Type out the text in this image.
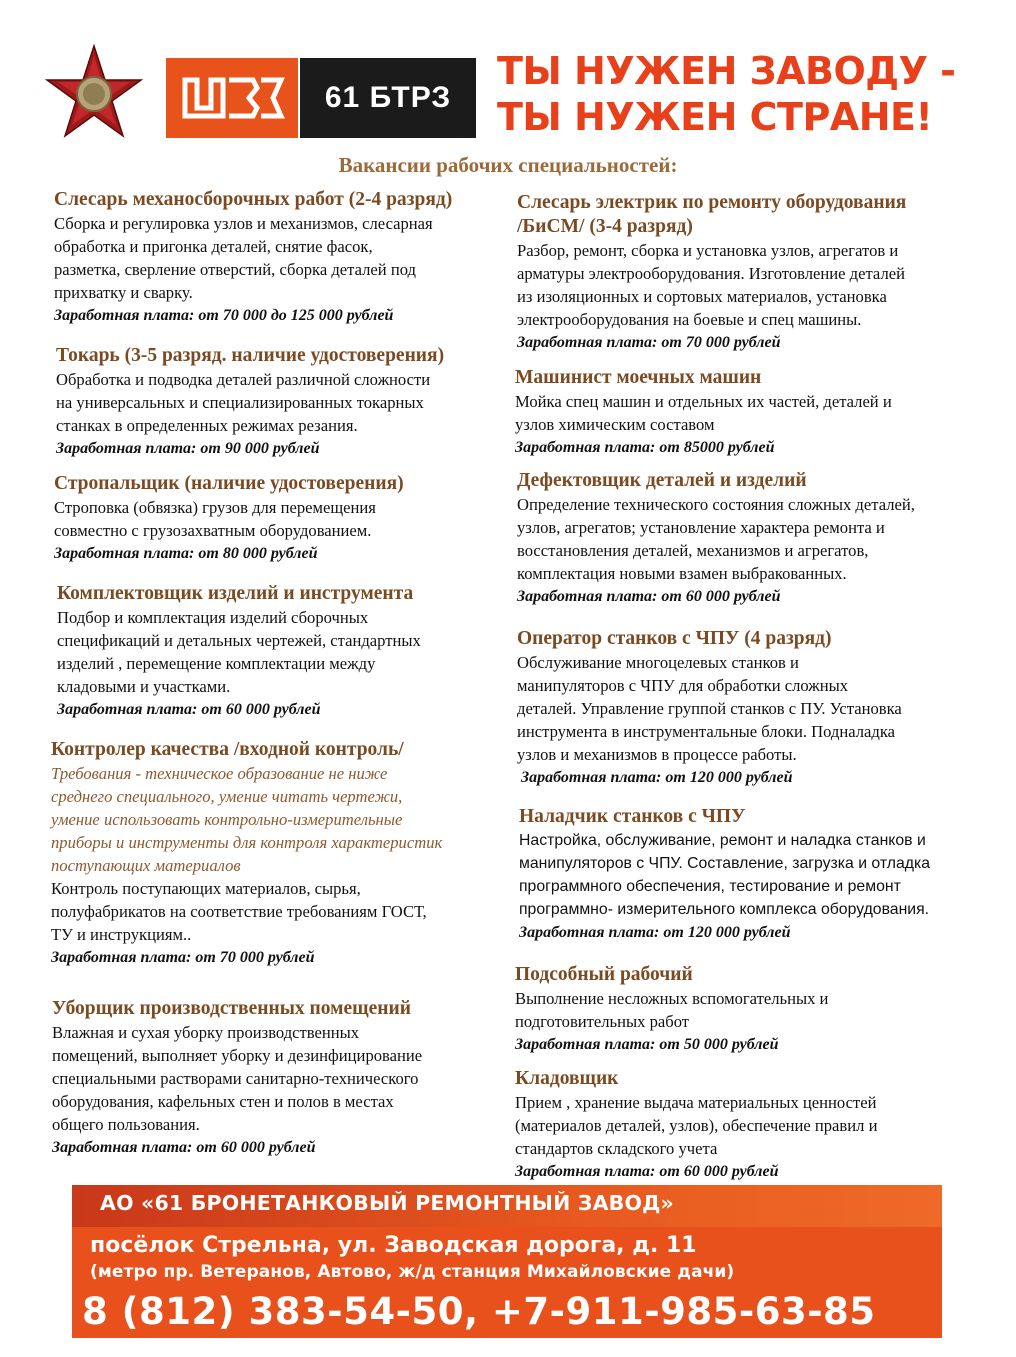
61 БТРЗ
ТЫ НУЖЕН ЗАВОДУ -
ТЫ НУЖЕН СТРАНЕ!
Вакансии рабочих специальностей:
Слесарь механосборочных работ (2-4 разряд)

Сборка и регулировка узлов и механизмов, слесарная

обработка и пригонка деталей, снятие фасок,

разметка, сверление отверстий, сборка деталей под

прихватку и сварку.

Заработная плата: от 70 000 до 125 000 рублей

Токарь (3-5 разряд. наличие удостоверения)

Обработка и подводка деталей различной сложности

на универсальных и специализированных токарных

станках в определенных режимах резания.

Заработная плата: от 90 000 рублей

Стропальщик (наличие удостоверения)

Строповка (обвязка) грузов для перемещения

совместно с грузозахватным оборудованием.

Заработная плата: от 80 000 рублей

Комплектовщик изделий и инструмента

Подбор и комплектация изделий сборочных

спецификаций и детальных чертежей, стандартных

изделий , перемещение комплектации между

кладовыми и участками.

Заработная плата: от 60 000 рублей

Контролер качества /входной контроль/

Требования - техническое образование не ниже

среднего специального, умение читать чертежи,

умение использовать контрольно-измерительные

приборы и инструменты для контроля характеристик

поступающих материалов

Контроль поступающих материалов, сырья,

полуфабрикатов на соответствие требованиям ГОСТ,

ТУ и инструкциям..

Заработная плата: от 70 000 рублей

Уборщик производственных помещений

Влажная и сухая уборку производственных

помещений, выполняет уборку и дезинфицирование

специальными растворами санитарно-технического

оборудования, кафельных стен и полов в местах

общего пользования.

Заработная плата: от 60 000 рублей

Слесарь электрик по ремонту оборудования
/БиСМ/ (3-4 разряд)

Разбор, ремонт, сборка и установка узлов, агрегатов и

арматуры электрооборудования. Изготовление деталей

из изоляционных и сортовых материалов, установка

электрооборудования на боевые и спец машины.

Заработная плата: от 70 000 рублей

Машинист моечных машин

Мойка спец машин и отдельных их частей, деталей и

узлов химическим составом

Заработная плата: от 85000 рублей

Дефектовщик деталей и изделий

Определение технического состояния сложных деталей,

узлов, агрегатов; установление характера ремонта и

восстановления деталей, механизмов и агрегатов,

комплектация новыми взамен выбракованных.

Заработная плата: от 60 000 рублей

Оператор станков с ЧПУ (4 разряд)

Обслуживание многоцелевых станков и

манипуляторов с ЧПУ для обработки сложных

деталей. Управление группой станков с ПУ. Установка

инструмента в инструментальные блоки. Подналадка

узлов и механизмов в процессе работы.

Заработная плата: от 120 000 рублей

Наладчик станков с ЧПУ

Настройка, обслуживание, ремонт и наладка станков и

манипуляторов с ЧПУ. Составление, загрузка и отладка

программного обеспечения, тестирование и ремонт

программно- измерительного комплекса оборудования.

Заработная плата: от 120 000 рублей

Подсобный рабочий

Выполнение несложных вспомогательных и

подготовительных работ

Заработная плата: от 50 000 рублей

Кладовщик

Прием , хранение выдача материальных ценностей

(материалов деталей, узлов), обеспечение правил и

стандартов складского учета

Заработная плата: от 60 000 рублей

АО «61 БРОНЕТАНКОВЫЙ РЕМОНТНЫЙ ЗАВОД»
посёлок Стрельна, ул. Заводская дорога, д. 11
(метро пр. Ветеранов, Автово, ж/д станция Михайловские дачи)
8 (812) 383-54-50, +7-911-985-63-85
